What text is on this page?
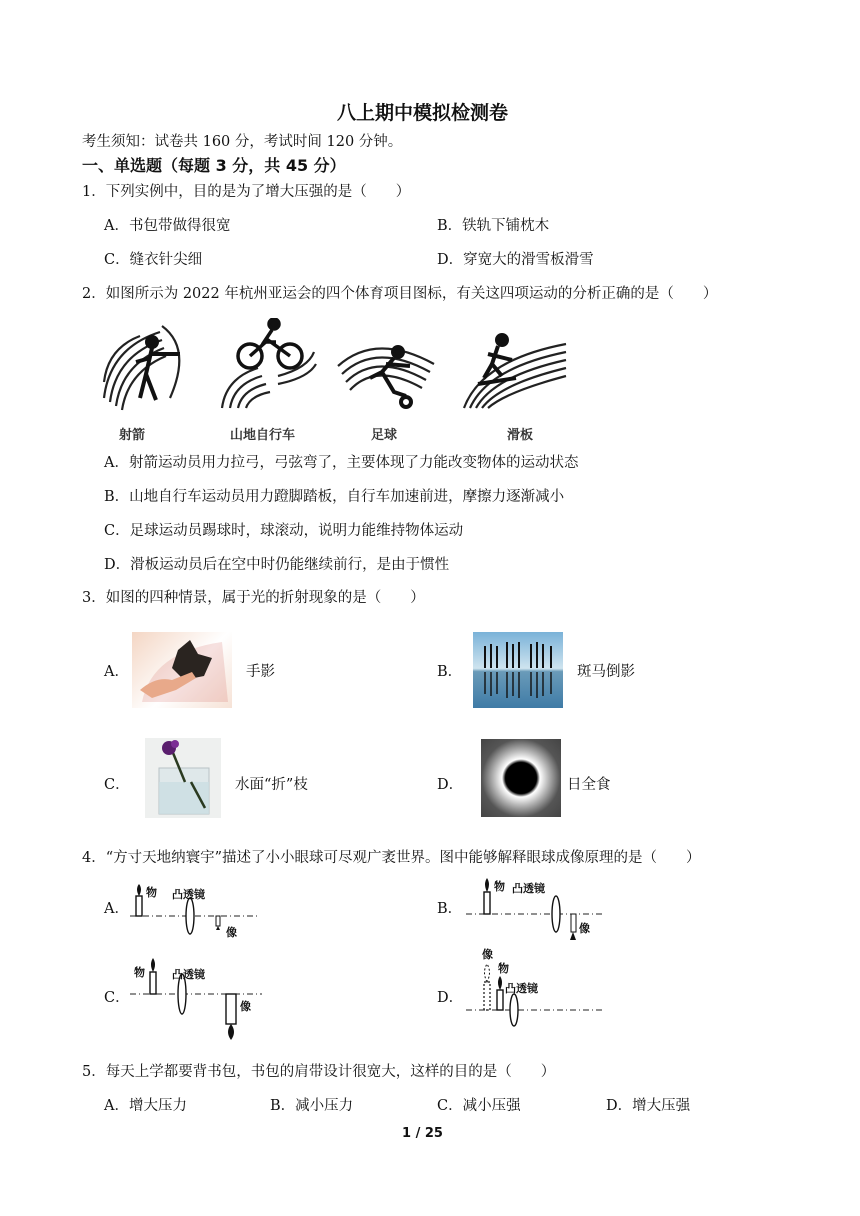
八上期中模拟检测卷
考生须知：试卷共 160 分，考试时间 120 分钟。
一、单选题（每题 3 分，共 45 分）
1．下列实例中，目的是为了增大压强的是（　　）
A．书包带做得很宽	B．铁轨下铺枕木
C．缝衣针尖细	D．穿宽大的滑雪板滑雪
2．如图所示为 2022 年杭州亚运会的四个体育项目图标，有关这四项运动的分析正确的是（　　）
射箭	山地自行车	足球	滑板
A．射箭运动员用力拉弓，弓弦弯了，主要体现了力能改变物体的运动状态
B．山地自行车运动员用力蹬脚踏板，自行车加速前进，摩擦力逐渐减小
C．足球运动员踢球时，球滚动，说明力能维持物体运动
D．滑板运动员后在空中时仍能继续前行，是由于惯性
3．如图的四种情景，属于光的折射现象的是（　　）
A．	手影	B．	斑马倒影
C．	水面“折”枝	D．	日全食
4．“方寸天地纳寰宇”描述了小小眼球可尽观广袤世界。图中能够解释眼球成像原理的是（　　）
A．
物 凸透镜
像
B．
物 凸透镜
像
C．
物 凸透镜
像
D．
像
物
凸透镜
5．每天上学都要背书包，书包的肩带设计很宽大，这样的目的是（　　）
A．增大压力	B．减小压力	C．减小压强	D．增大压强
1 / 25
